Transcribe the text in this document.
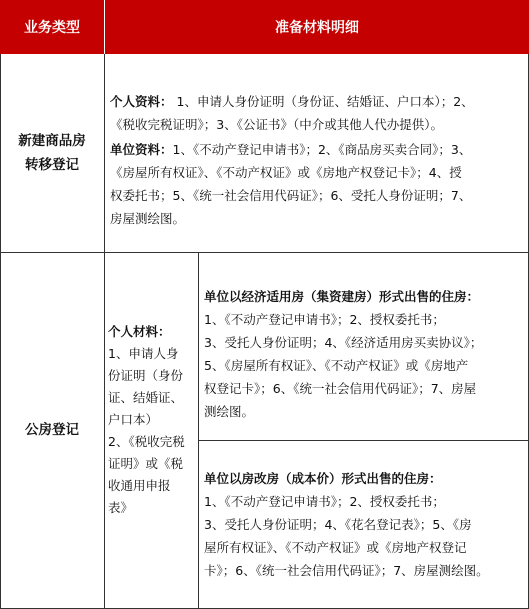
业务类型	准备材料明细
新建商品房
转移登记
个人资料： 1、申请人身份证明（身份证、结婚证、户口本）；2、
《税收完税证明》；3、《公证书》（中介或其他人代办提供）。
单位资料：1、《不动产登记申请书》；2、《商品房买卖合同》；3、
《房屋所有权证》、《不动产权证》或《房地产权登记卡》；4、授
权委托书；5、《统一社会信用代码证》；6、受托人身份证明；7、
房屋测绘图。
公房登记
个人材料：
1、申请人身
份证明（身份
证、结婚证、
户口本）
2、《税收完税
证明》或《税
收通用申报
表》
单位以经济适用房（集资建房）形式出售的住房：
1、《不动产登记申请书》；2、授权委托书；
3、受托人身份证明；4、《经济适用房买卖协议》；
5、《房屋所有权证》、《不动产权证》或《房地产
权登记卡》；6、《统一社会信用代码证》；7、房屋
测绘图。
单位以房改房（成本价）形式出售的住房：
1、《不动产登记申请书》；2、授权委托书；
3、受托人身份证明；4、《花名登记表》；5、《房
屋所有权证》、《不动产权证》或《房地产权登记
卡》；6、《统一社会信用代码证》；7、房屋测绘图。
